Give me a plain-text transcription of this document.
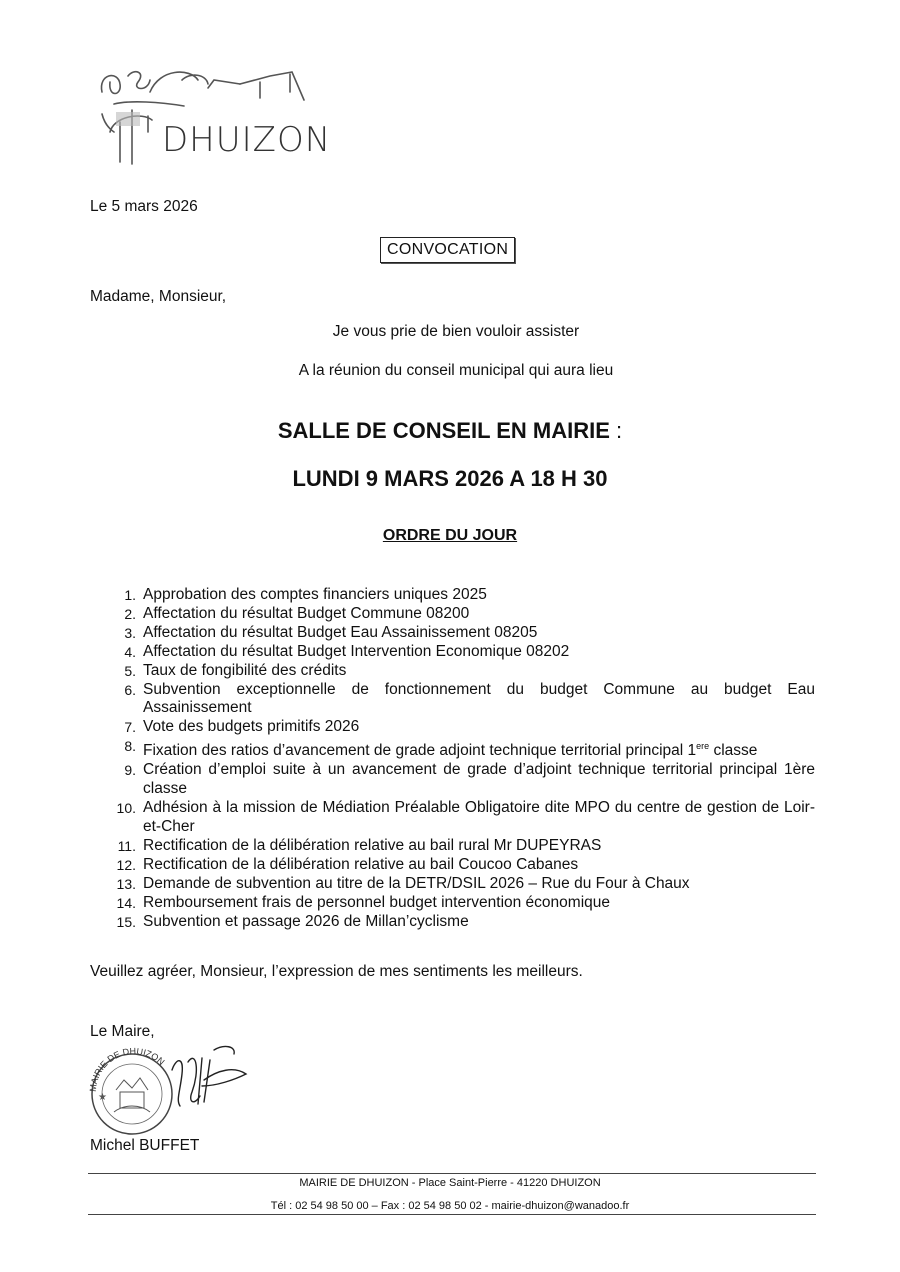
DHUIZON
Le 5 mars 2026
CONVOCATION
Madame, Monsieur,
Je vous prie de bien vouloir assister
A la réunion du conseil municipal qui aura lieu
SALLE DE CONSEIL EN MAIRIE :
LUNDI 9 MARS 2026 A 18 H 30
ORDRE DU JOUR
1. Approbation des comptes financiers uniques 2025
2. Affectation du résultat Budget Commune 08200
3. Affectation du résultat Budget Eau Assainissement 08205
4. Affectation du résultat Budget Intervention Economique 08202
5. Taux de fongibilité des crédits
6. Subvention exceptionnelle de fonctionnement du budget Commune au budget Eau Assainissement
7. Vote des budgets primitifs 2026
8. Fixation des ratios d’avancement de grade adjoint technique territorial principal 1ere classe
9. Création d’emploi suite à un avancement de grade d’adjoint technique territorial principal 1ère classe
10. Adhésion à la mission de Médiation Préalable Obligatoire dite MPO du centre de gestion de Loir-et-Cher
11. Rectification de la délibération relative au bail rural Mr DUPEYRAS
12. Rectification de la délibération relative au bail Coucoo Cabanes
13. Demande de subvention au titre de la DETR/DSIL 2026 – Rue du Four à Chaux
14. Remboursement frais de personnel budget intervention économique
15. Subvention et passage 2026 de Millan’cyclisme
Veuillez agréer, Monsieur, l’expression de mes sentiments les meilleurs.
Le Maire,
MAIRIE DE DHUIZON
★
Michel BUFFET
MAIRIE DE DHUIZON - Place Saint-Pierre - 41220 DHUIZON
Tél : 02 54 98 50 00 – Fax : 02 54 98 50 02 - mairie-dhuizon@wanadoo.fr
